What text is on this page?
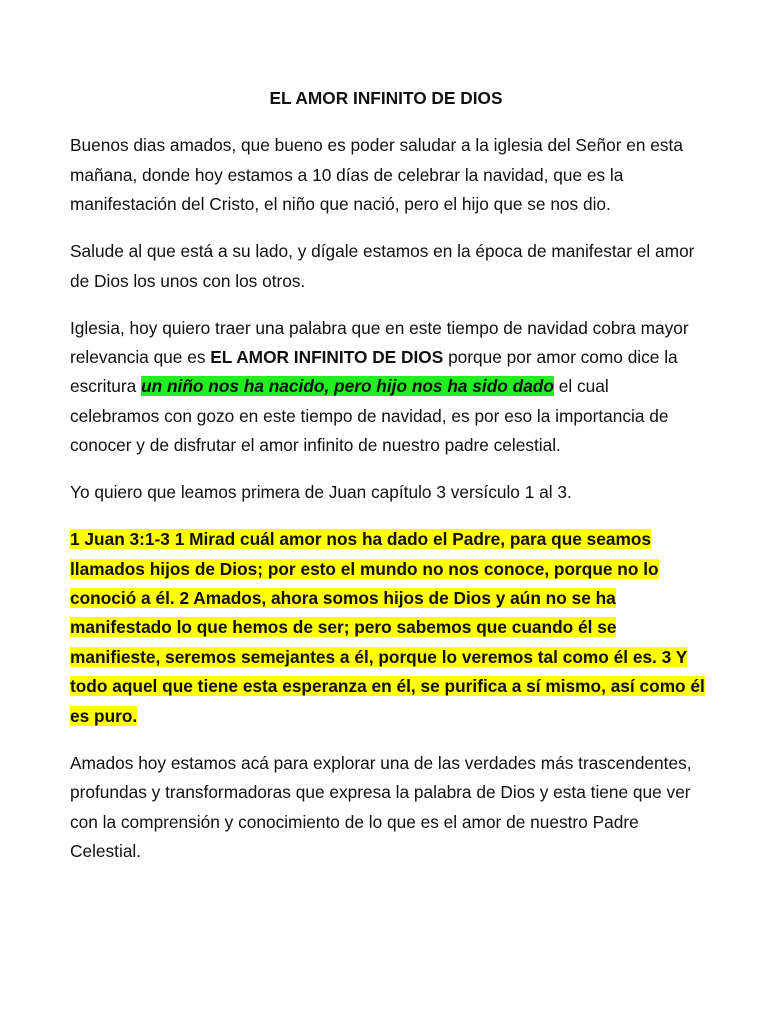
EL AMOR INFINITO DE DIOS

Buenos dias amados, que bueno es poder saludar a la iglesia del Señor en esta mañana, donde hoy estamos a 10 días de celebrar la navidad, que es la manifestación del Cristo, el niño que nació, pero el hijo que se nos dio.

Salude al que está a su lado, y dígale estamos en la época de manifestar el amor de Dios los unos con los otros.

Iglesia, hoy quiero traer una palabra que en este tiempo de navidad cobra mayor relevancia que es EL AMOR INFINITO DE DIOS porque por amor como dice la escritura un niño nos ha nacido, pero hijo nos ha sido dado el cual celebramos con gozo en este tiempo de navidad, es por eso la importancia de conocer y de disfrutar el amor infinito de nuestro padre celestial.

Yo quiero que leamos primera de Juan capítulo 3 versículo 1 al 3.

1 Juan 3:1-3 1 Mirad cuál amor nos ha dado el Padre, para que seamos llamados hijos de Dios; por esto el mundo no nos conoce, porque no lo conoció a él. 2 Amados, ahora somos hijos de Dios y aún no se ha manifestado lo que hemos de ser; pero sabemos que cuando él se manifieste, seremos semejantes a él, porque lo veremos tal como él es. 3 Y todo aquel que tiene esta esperanza en él, se purifica a sí mismo, así como él es puro.

Amados hoy estamos acá para explorar una de las verdades más trascendentes, profundas y transformadoras que expresa la palabra de Dios y esta tiene que ver con la comprensión y conocimiento de lo que es el amor de nuestro Padre Celestial.
